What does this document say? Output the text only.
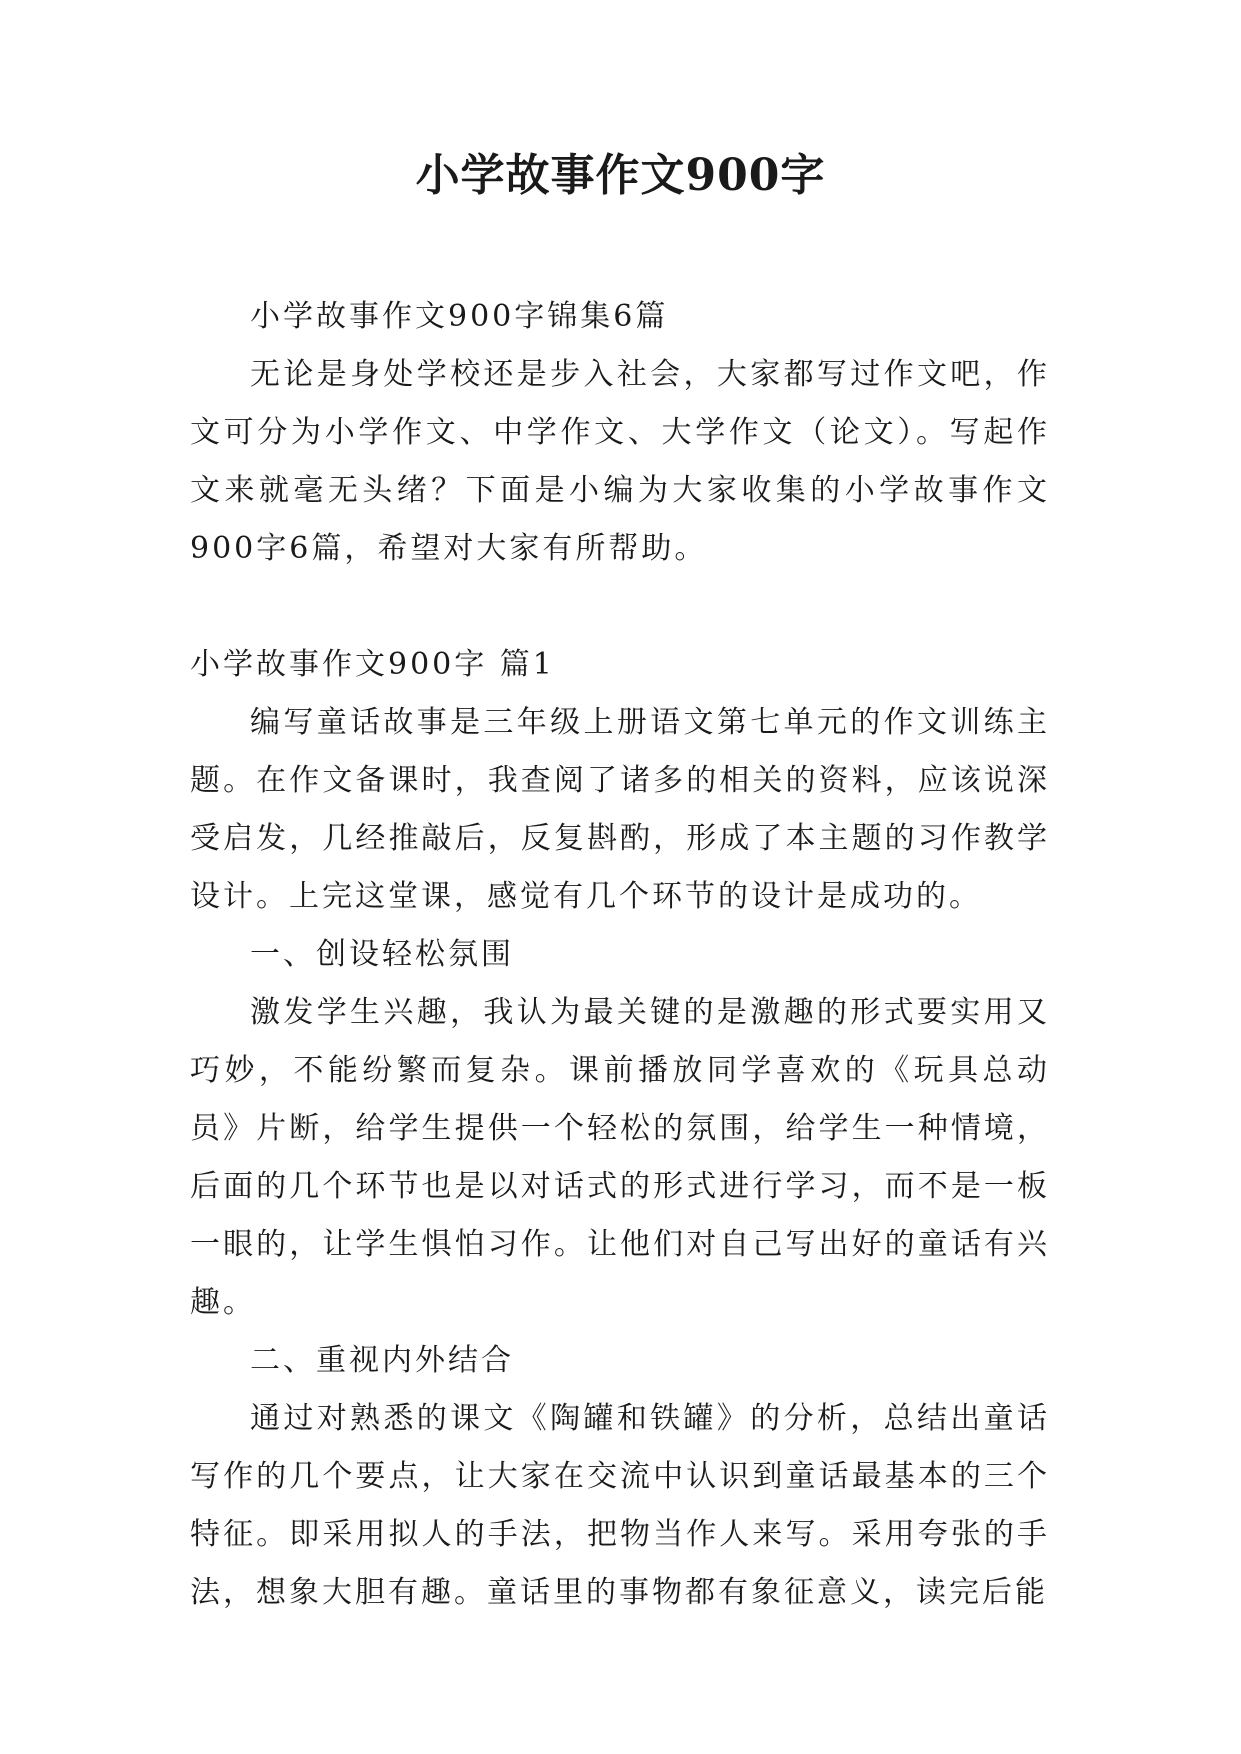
小学故事作文900字

小学故事作文900字锦集6篇

无论是身处学校还是步入社会，大家都写过作文吧，作文可分为小学作文、中学作文、大学作文（论文）。写起作文来就毫无头绪？下面是小编为大家收集的小学故事作文900字6篇，希望对大家有所帮助。

小学故事作文900字 篇1

编写童话故事是三年级上册语文第七单元的作文训练主题。在作文备课时，我查阅了诸多的相关的资料，应该说深受启发，几经推敲后，反复斟酌，形成了本主题的习作教学设计。上完这堂课，感觉有几个环节的设计是成功的。

一、创设轻松氛围

激发学生兴趣，我认为最关键的是激趣的形式要实用又巧妙，不能纷繁而复杂。课前播放同学喜欢的《玩具总动员》片断，给学生提供一个轻松的氛围，给学生一种情境，后面的几个环节也是以对话式的形式进行学习，而不是一板一眼的，让学生惧怕习作。让他们对自己写出好的童话有兴趣。

二、重视内外结合

通过对熟悉的课文《陶罐和铁罐》的分析，总结出童话写作的几个要点，让大家在交流中认识到童话最基本的三个特征。即采用拟人的手法，把物当作人来写。采用夸张的手法，想象大胆有趣。童话里的事物都有象征意义，读完后能
